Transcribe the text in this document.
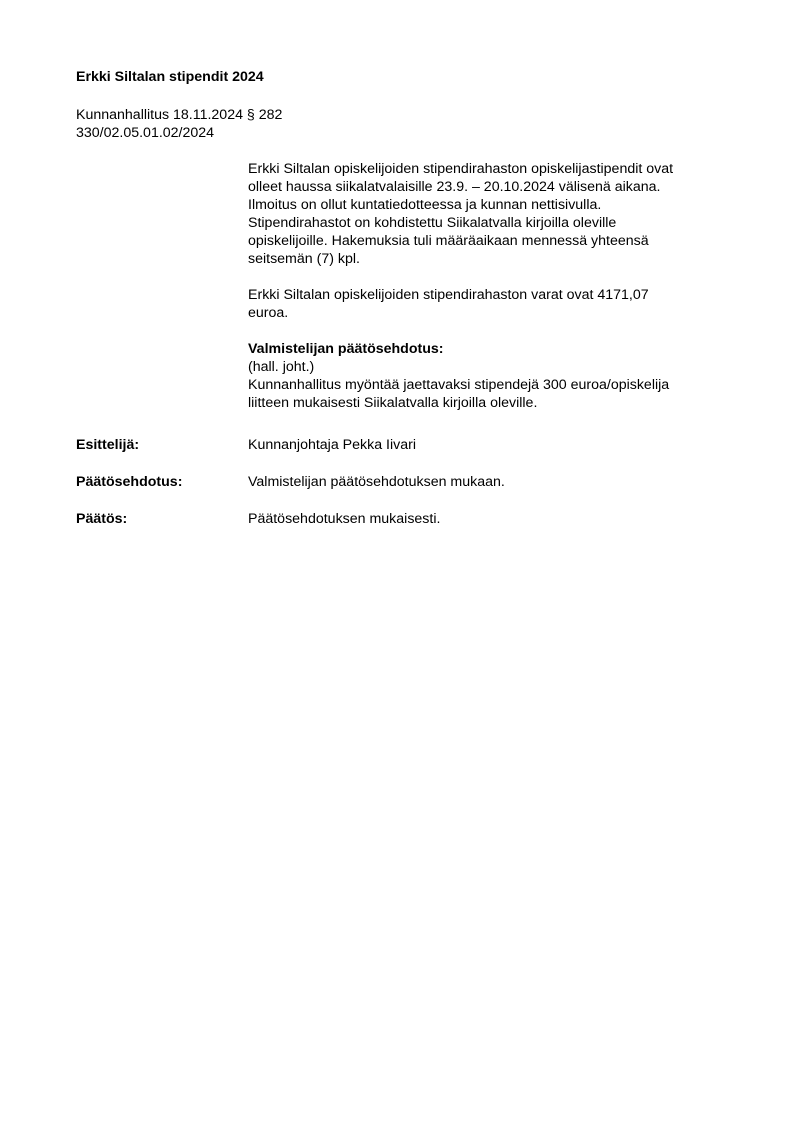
Erkki Siltalan stipendit 2024
Kunnanhallitus 18.11.2024 § 282
330/02.05.01.02/2024

Erkki Siltalan opiskelijoiden stipendirahaston opiskelijastipendit ovat
olleet haussa siikalatvalaisille 23.9. – 20.10.2024 välisenä aikana.
Ilmoitus on ollut kuntatiedotteessa ja kunnan nettisivulla.
Stipendirahastot on kohdistettu Siikalatvalla kirjoilla oleville
opiskelijoille. Hakemuksia tuli määräaikaan mennessä yhteensä
seitsemän (7) kpl.

Erkki Siltalan opiskelijoiden stipendirahaston varat ovat 4171,07
euroa.

Valmistelijan päätösehdotus:

(hall. joht.)

Kunnanhallitus myöntää jaettavaksi stipendejä 300 euroa/opiskelija
liitteen mukaisesti Siikalatvalla kirjoilla oleville.

Esittelijä:	Kunnanjohtaja Pekka Iivari
Päätösehdotus:	Valmistelijan päätösehdotuksen mukaan.
Päätös:	Päätösehdotuksen mukaisesti.
